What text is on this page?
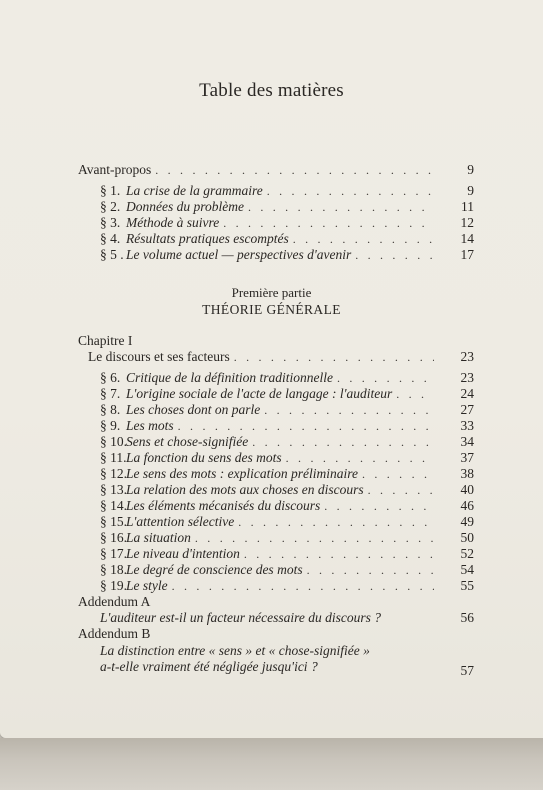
Table des matières
Avant-propos . . .	9
§ 1. La crise de la grammaire . . .	9
§ 2. Données du problème . . .	11
§ 3. Méthode à suivre . . .	12
§ 4. Résultats pratiques escomptés . . .	14
§ 5 . Le volume actuel — perspectives d'avenir . . .	17
Première partie
THÉORIE GÉNÉRALE
Chapitre I
Le discours et ses facteurs . . .	23
§ 6. Critique de la définition traditionnelle . . .	23
§ 7. L'origine sociale de l'acte de langage : l'auditeur . . .	24
§ 8. Les choses dont on parle . . .	27
§ 9. Les mots . . .	33
§ 10. Sens et chose-signifiée . . .	34
§ 11. La fonction du sens des mots . . .	37
§ 12. Le sens des mots : explication préliminaire . . .	38
§ 13. La relation des mots aux choses en discours . . .	40
§ 14. Les éléments mécanisés du discours . . .	46
§ 15. L'attention sélective . . .	49
§ 16. La situation . . .	50
§ 17. Le niveau d'intention . . .	52
§ 18. Le degré de conscience des mots . . .	54
§ 19. Le style . . .	55
Addendum A
L'auditeur est-il un facteur nécessaire du discours ?	56
Addendum B
La distinction entre « sens » et « chose-signifiée »
a-t-elle vraiment été négligée jusqu'ici ?	57
